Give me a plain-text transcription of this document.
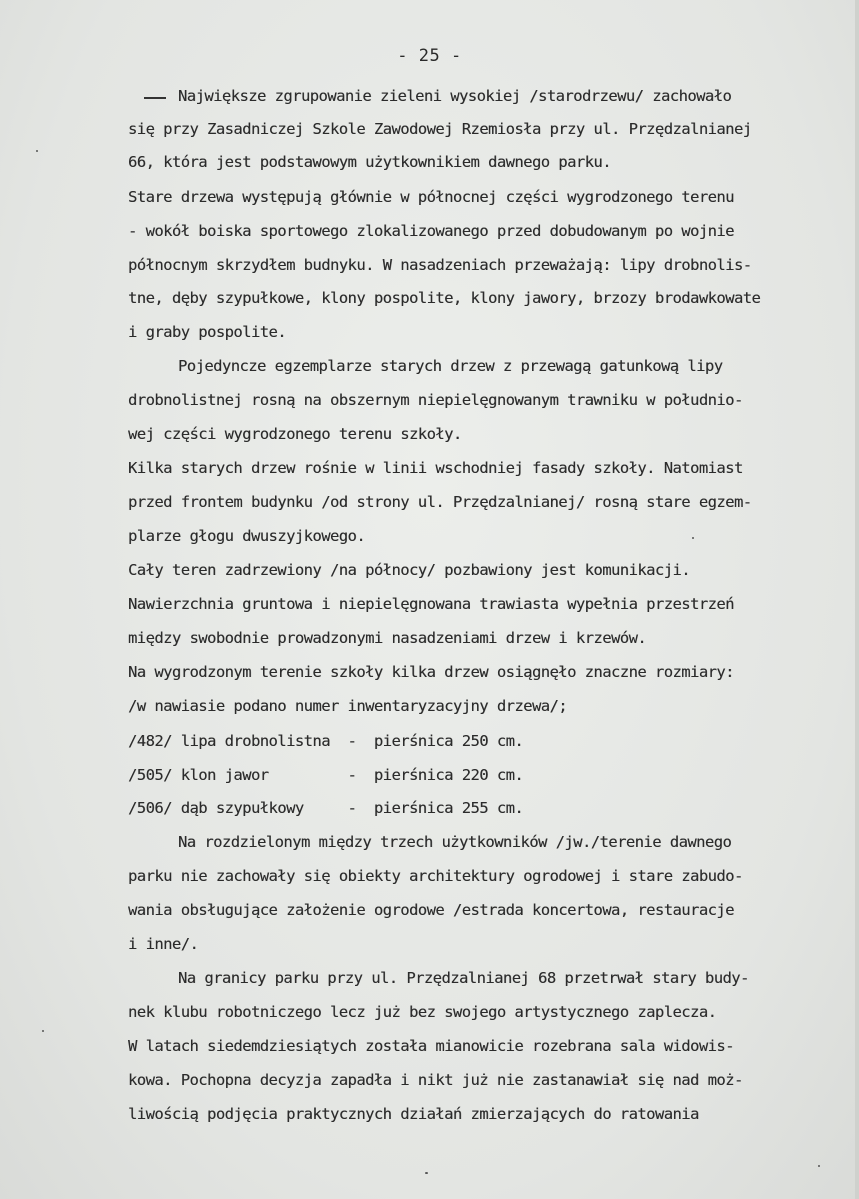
- 25 -
Największe zgrupowanie zieleni wysokiej /starodrzewu/ zachowało
się przy Zasadniczej Szkole Zawodowej Rzemiosła przy ul. Przędzalnianej
66, która jest podstawowym użytkownikiem dawnego parku.
Stare drzewa występują głównie w północnej części wygrodzonego terenu
- wokół boiska sportowego zlokalizowanego przed dobudowanym po wojnie
północnym skrzydłem budnyku. W nasadzeniach przeważają: lipy drobnolis-
tne, dęby szypułkowe, klony pospolite, klony jawory, brzozy brodawkowate
i graby pospolite.
Pojedyncze egzemplarze starych drzew z przewagą gatunkową lipy
drobnolistnej rosną na obszernym niepielęgnowanym trawniku w południo-
wej części wygrodzonego terenu szkoły.
Kilka starych drzew rośnie w linii wschodniej fasady szkoły. Natomiast
przed frontem budynku /od strony ul. Przędzalnianej/ rosną stare egzem-
plarze głogu dwuszyjkowego.
Cały teren zadrzewiony /na północy/ pozbawiony jest komunikacji.
Nawierzchnia gruntowa i niepielęgnowana trawiasta wypełnia przestrzeń
między swobodnie prowadzonymi nasadzeniami drzew i krzewów.
Na wygrodzonym terenie szkoły kilka drzew osiągnęło znaczne rozmiary:
/w nawiasie podano numer inwentaryzacyjny drzewa/;
/482/ lipa drobnolistna  -  pierśnica 250 cm.
/505/ klon jawor         -  pierśnica 220 cm.
/506/ dąb szypułkowy     -  pierśnica 255 cm.
Na rozdzielonym między trzech użytkowników /jw./terenie dawnego
parku nie zachowały się obiekty architektury ogrodowej i stare zabudo-
wania obsługujące założenie ogrodowe /estrada koncertowa, restauracje
i inne/.
Na granicy parku przy ul. Przędzalnianej 68 przetrwał stary budy-
nek klubu robotniczego lecz już bez swojego artystycznego zaplecza.
W latach siedemdziesiątych została mianowicie rozebrana sala widowis-
kowa. Pochopna decyzja zapadła i nikt już nie zastanawiał się nad moż-
liwością podjęcia praktycznych działań zmierzających do ratowania
